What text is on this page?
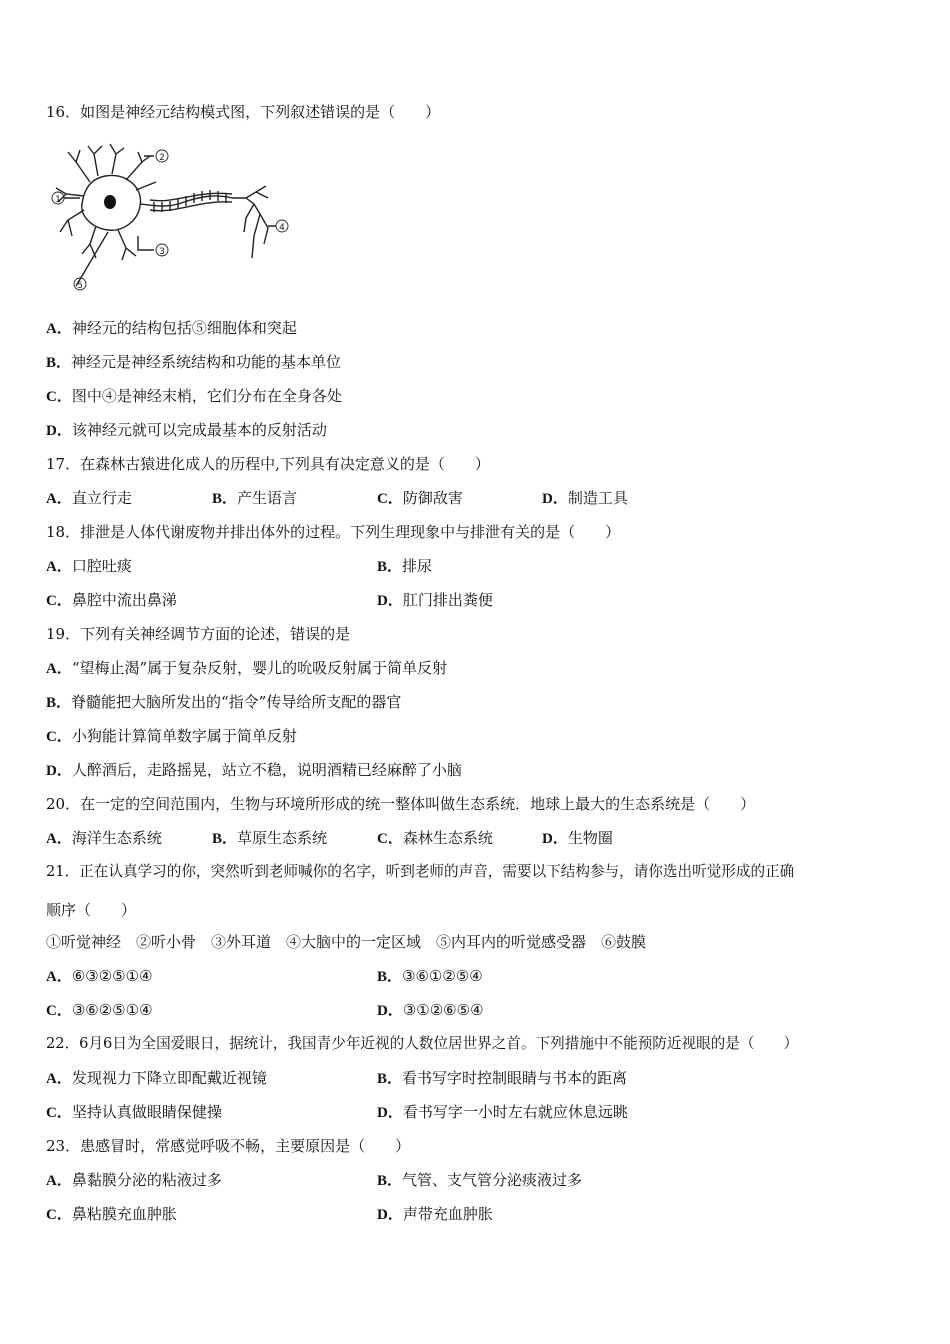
16．如图是神经元结构模式图，下列叙述错误的是（　　）
1
2
3
4
5
A．神经元的结构包括⑤细胞体和突起
B．神经元是神经系统结构和功能的基本单位
C．图中④是神经末梢，它们分布在全身各处
D．该神经元就可以完成最基本的反射活动
17．在森林古猿进化成人的历程中,下列具有决定意义的是（　　）
A．直立行走	B．产生语言	C．防御敌害	D．制造工具
18．排泄是人体代谢废物并排出体外的过程。下列生理现象中与排泄有关的是（　　）
A．口腔吐痰	B．排尿
C．鼻腔中流出鼻涕	D．肛门排出粪便
19．下列有关神经调节方面的论述，错误的是
A．“望梅止渴”属于复杂反射，婴儿的吮吸反射属于简单反射
B．脊髓能把大脑所发出的“指令”传导给所支配的器官
C．小狗能计算简单数字属于简单反射
D．人醉酒后，走路摇晃，站立不稳，说明酒精已经麻醉了小脑
20．在一定的空间范围内，生物与环境所形成的统一整体叫做生态系统．地球上最大的生态系统是（　　）
A．海洋生态系统	B．草原生态系统	C．森林生态系统	D．生物圈
21．正在认真学习的你，突然听到老师喊你的名字，听到老师的声音，需要以下结构参与，请你选出听觉形成的正确
顺序（　　）
①听觉神经　②听小骨　③外耳道　④大脑中的一定区域　⑤内耳内的听觉感受器　⑥鼓膜
A．⑥③②⑤①④	B．③⑥①②⑤④
C．③⑥②⑤①④	D．③①②⑥⑤④
22．6月6日为全国爱眼日，据统计，我国青少年近视的人数位居世界之首。下列措施中不能预防近视眼的是（　　）
A．发现视力下降立即配戴近视镜	B．看书写字时控制眼睛与书本的距离
C．坚持认真做眼睛保健操	D．看书写字一小时左右就应休息远眺
23．患感冒时，常感觉呼吸不畅，主要原因是（　　）
A．鼻黏膜分泌的粘液过多	B．气管、支气管分泌痰液过多
C．鼻粘膜充血肿胀	D．声带充血肿胀
